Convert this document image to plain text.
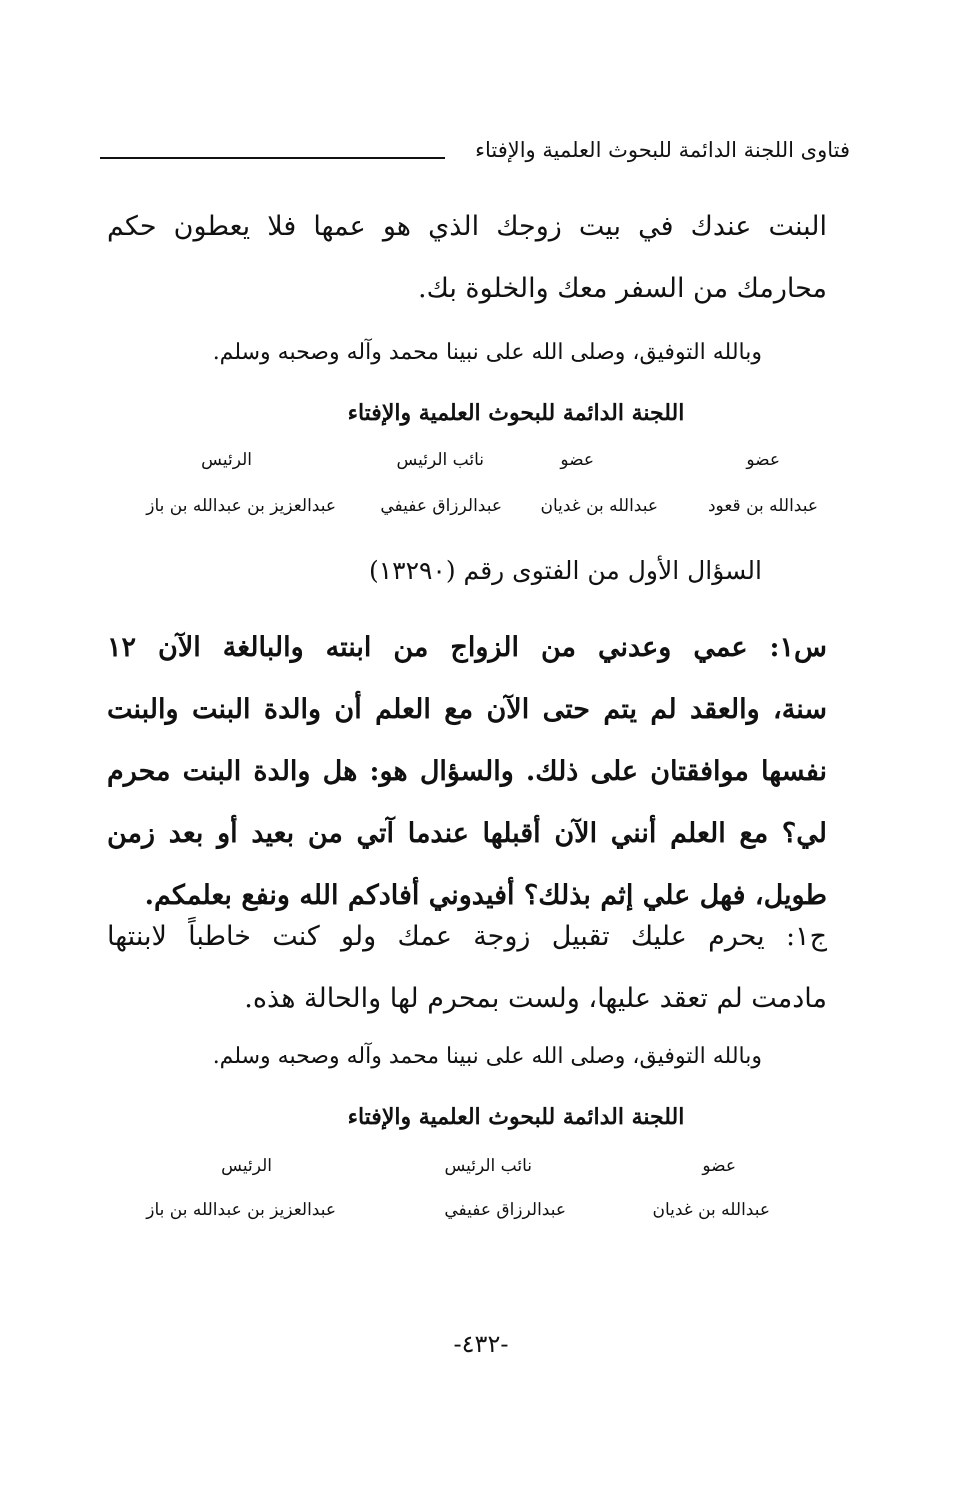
فتاوى اللجنة الدائمة للبحوث العلمية والإفتاء
البنت عندك في بيت زوجك الذي هو عمها فلا يعطون حكم
محارمك من السفر معك والخلوة بك.
وبالله التوفيق، وصلى الله على نبينا محمد وآله وصحبه وسلم.
اللجنة الدائمة للبحوث العلمية والإفتاء
عضو
عضو
نائب الرئيس
الرئيس
عبدالله بن قعود
عبدالله بن غديان
عبدالرزاق عفيفي
عبدالعزيز بن عبدالله بن باز
السؤال الأول من الفتوى رقم (١٣٢٩٠)
س١: عمي وعدني من الزواج من ابنته والبالغة الآن ١٢
سنة، والعقد لم يتم حتى الآن مع العلم أن والدة البنت والبنت
نفسها موافقتان على ذلك. والسؤال هو: هل والدة البنت محرم
لي؟ مع العلم أنني الآن أقبلها عندما آتي من بعيد أو بعد زمن
طويل، فهل علي إثم بذلك؟ أفيدوني أفادكم الله ونفع بعلمكم.
ج١: يحرم عليك تقبيل زوجة عمك ولو كنت خاطباً لابنتها
مادمت لم تعقد عليها، ولست بمحرم لها والحالة هذه.
وبالله التوفيق، وصلى الله على نبينا محمد وآله وصحبه وسلم.
اللجنة الدائمة للبحوث العلمية والإفتاء
عضو
نائب الرئيس
الرئيس
عبدالله بن غديان
عبدالرزاق عفيفي
عبدالعزيز بن عبدالله بن باز
-٤٣٢-
